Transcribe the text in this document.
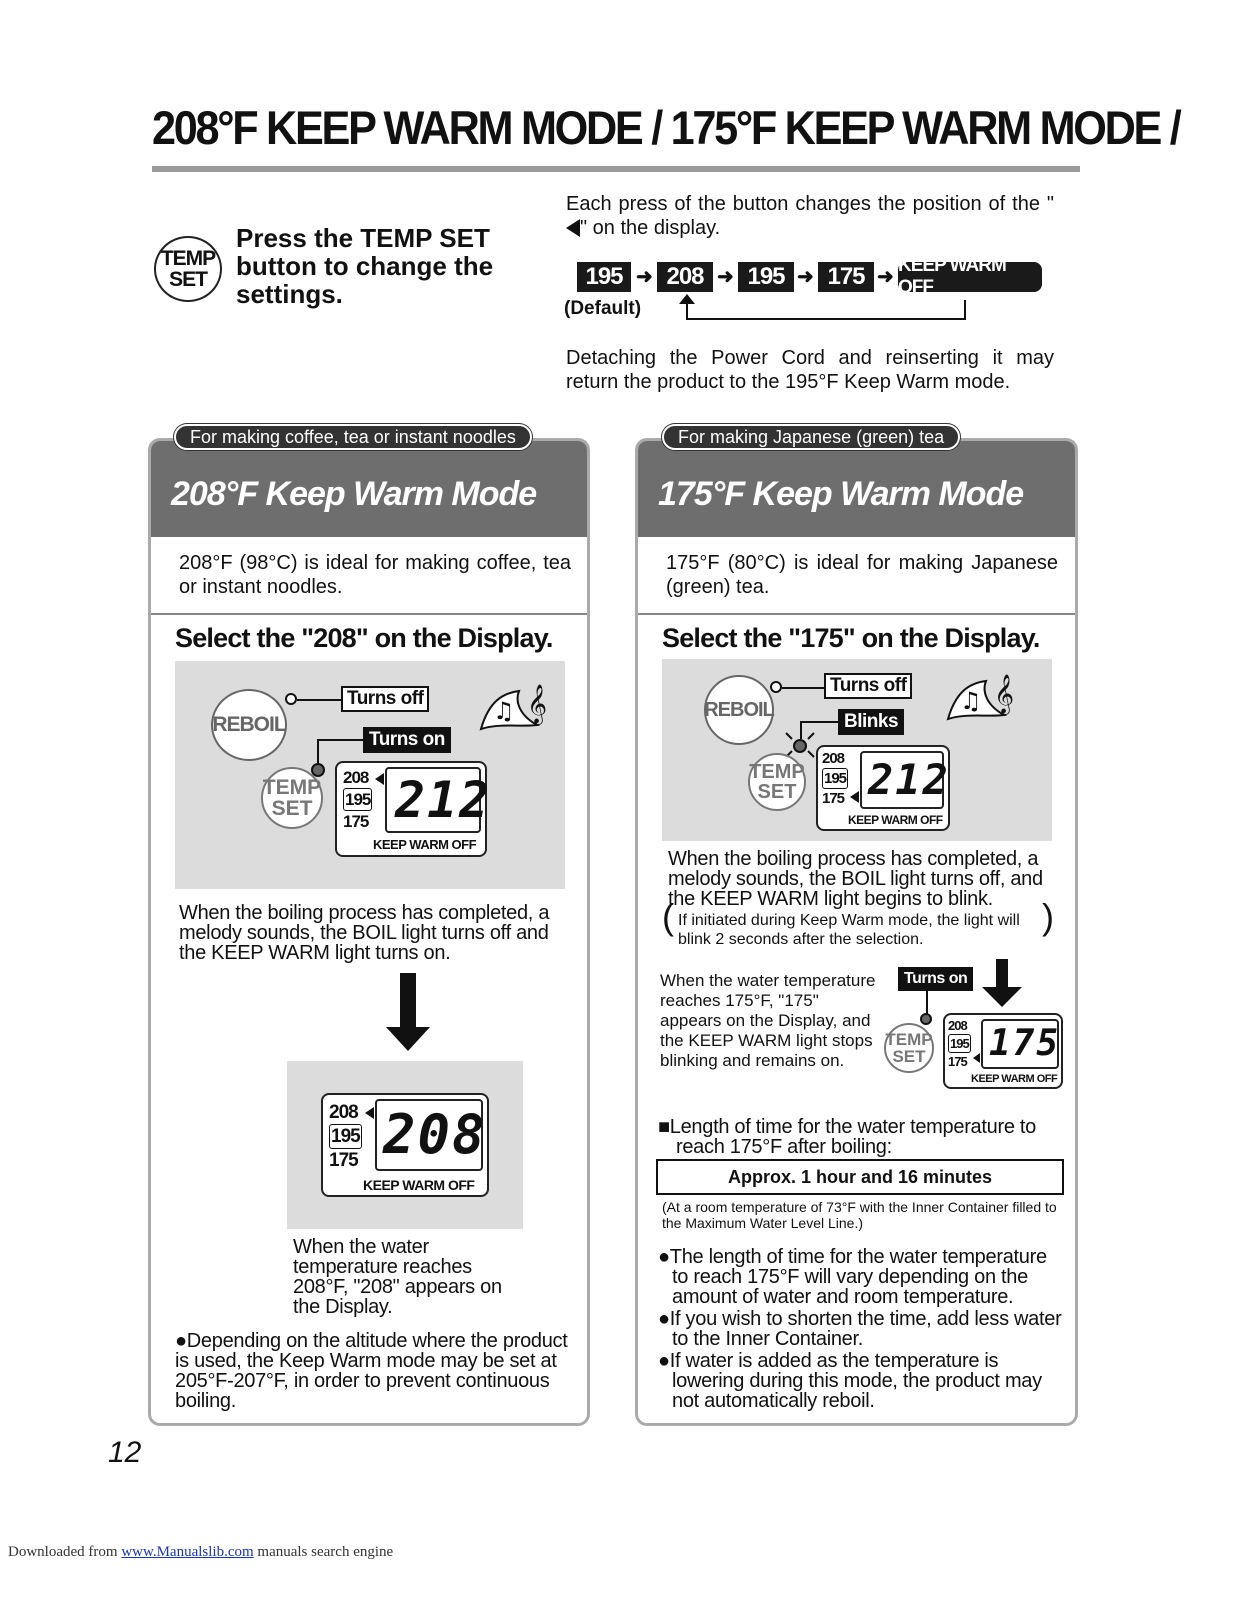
208°F KEEP WARM MODE / 175°F KEEP WARM MODE /
TEMP
SET
Press the TEMP SET button to change the settings.
Each press of the button changes the position of the "" on the display.
195 ➜ 208 ➜ 195 ➜ 175 ➜
KEEP WARM OFF
(Default)
Detaching the Power Cord and reinserting it may return the product to the 195°F Keep Warm mode.
208°F Keep Warm Mode
208°F (98°C) is ideal for making coffee, tea or instant noodles.
Select the "208" on the Display.
REBOIL
Turns off
Turns on
TEMP
SET
208
195
175 212
KEEP WARM OFF
♫ 𝄞
When the boiling process has completed, a melody sounds, the BOIL light turns off and the KEEP WARM light turns on.
208
195
175 208
KEEP WARM OFF
When the water temperature reaches 208°F, "208" appears on the Display.
●Depending on the altitude where the product is used, the Keep Warm mode may be set at 205°F-207°F, in order to prevent continuous boiling.
For making coffee, tea or instant noodles
175°F Keep Warm Mode
175°F (80°C) is ideal for making Japanese (green) tea.
Select the "175" on the Display.
REBOIL
Turns off
Blinks
TEMP
SET
208
195
175 212
KEEP WARM OFF
♫ 𝄞
When the boiling process has completed, a melody sounds, the BOIL light turns off, and the KEEP WARM light begins to blink.
( If initiated during Keep Warm mode, the light will blink 2 seconds after the selection.
)
When the water temperature reaches 175°F, "175" appears on the Display, and the KEEP WARM light stops blinking and remains on.
Turns on
TEMP
SET
208
195
175 175
KEEP WARM OFF
■Length of time for the water temperature to reach 175°F after boiling:
Approx. 1 hour and 16 minutes
(At a room temperature of 73°F with the Inner Container filled to the Maximum Water Level Line.)
●The length of time for the water temperature to reach 175°F will vary depending on the amount of water and room temperature.
●If you wish to shorten the time, add less water to the Inner Container.
●If water is added as the temperature is lowering during this mode, the product may not automatically reboil.
For making Japanese (green) tea
12
Downloaded from www.Manualslib.com manuals search engine
